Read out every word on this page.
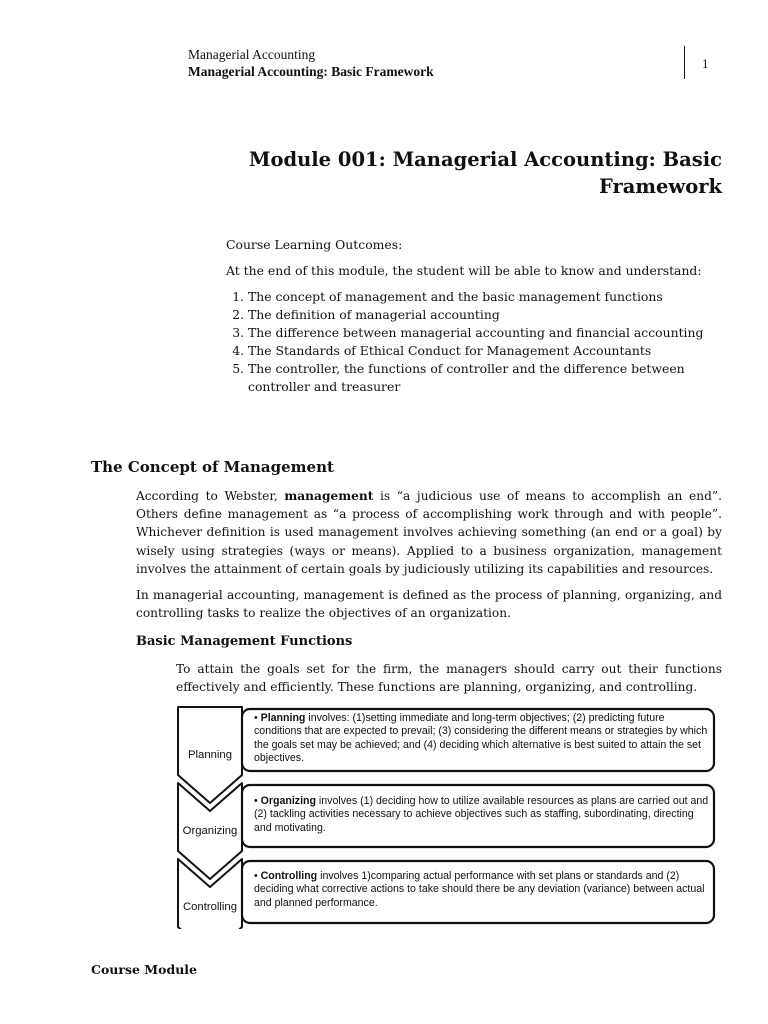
Managerial Accounting
Managerial Accounting: Basic Framework
1
Module 001: Managerial Accounting: Basic
Framework

Course Learning Outcomes:

At the end of this module, the student will be able to know and understand:

1. The concept of management and the basic management functions
2. The definition of managerial accounting
3. The difference between managerial accounting and financial accounting
4. The Standards of Ethical Conduct for Management Accountants
5. The controller, the functions of controller and the difference between controller and treasurer
The Concept of Management
According to Webster, management is “a judicious use of means to accomplish an end”. Others define management as “a process of accomplishing work through and with people”. Whichever definition is used management involves achieving something (an end or a goal) by wisely using strategies (ways or means). Applied to a business organization, management involves the attainment of certain goals by judiciously utilizing its capabilities and resources.
In managerial accounting, management is defined as the process of planning, organizing, and controlling tasks to realize the objectives of an organization.
Basic Management Functions
To attain the goals set for the firm, the managers should carry out their functions effectively and efficiently. These functions are planning, organizing, and controlling.
Planning
Organizing
Controlling
• Planning involves: (1)setting immediate and long-term objectives; (2) predicting future conditions that are expected to prevail; (3) considering the different means or strategies by which the goals set may be achieved; and (4) deciding which alternative is best suited to attain the set objectives.
• Organizing involves (1) deciding how to utilize available resources as plans are carried out and (2) tackling activities necessary to achieve objectives such as staffing, subordinating, directing and motivating.
• Controlling involves 1)comparing actual performance with set plans or standards and (2) deciding what corrective actions to take should there be any deviation (variance) between actual and planned performance.
Course Module
